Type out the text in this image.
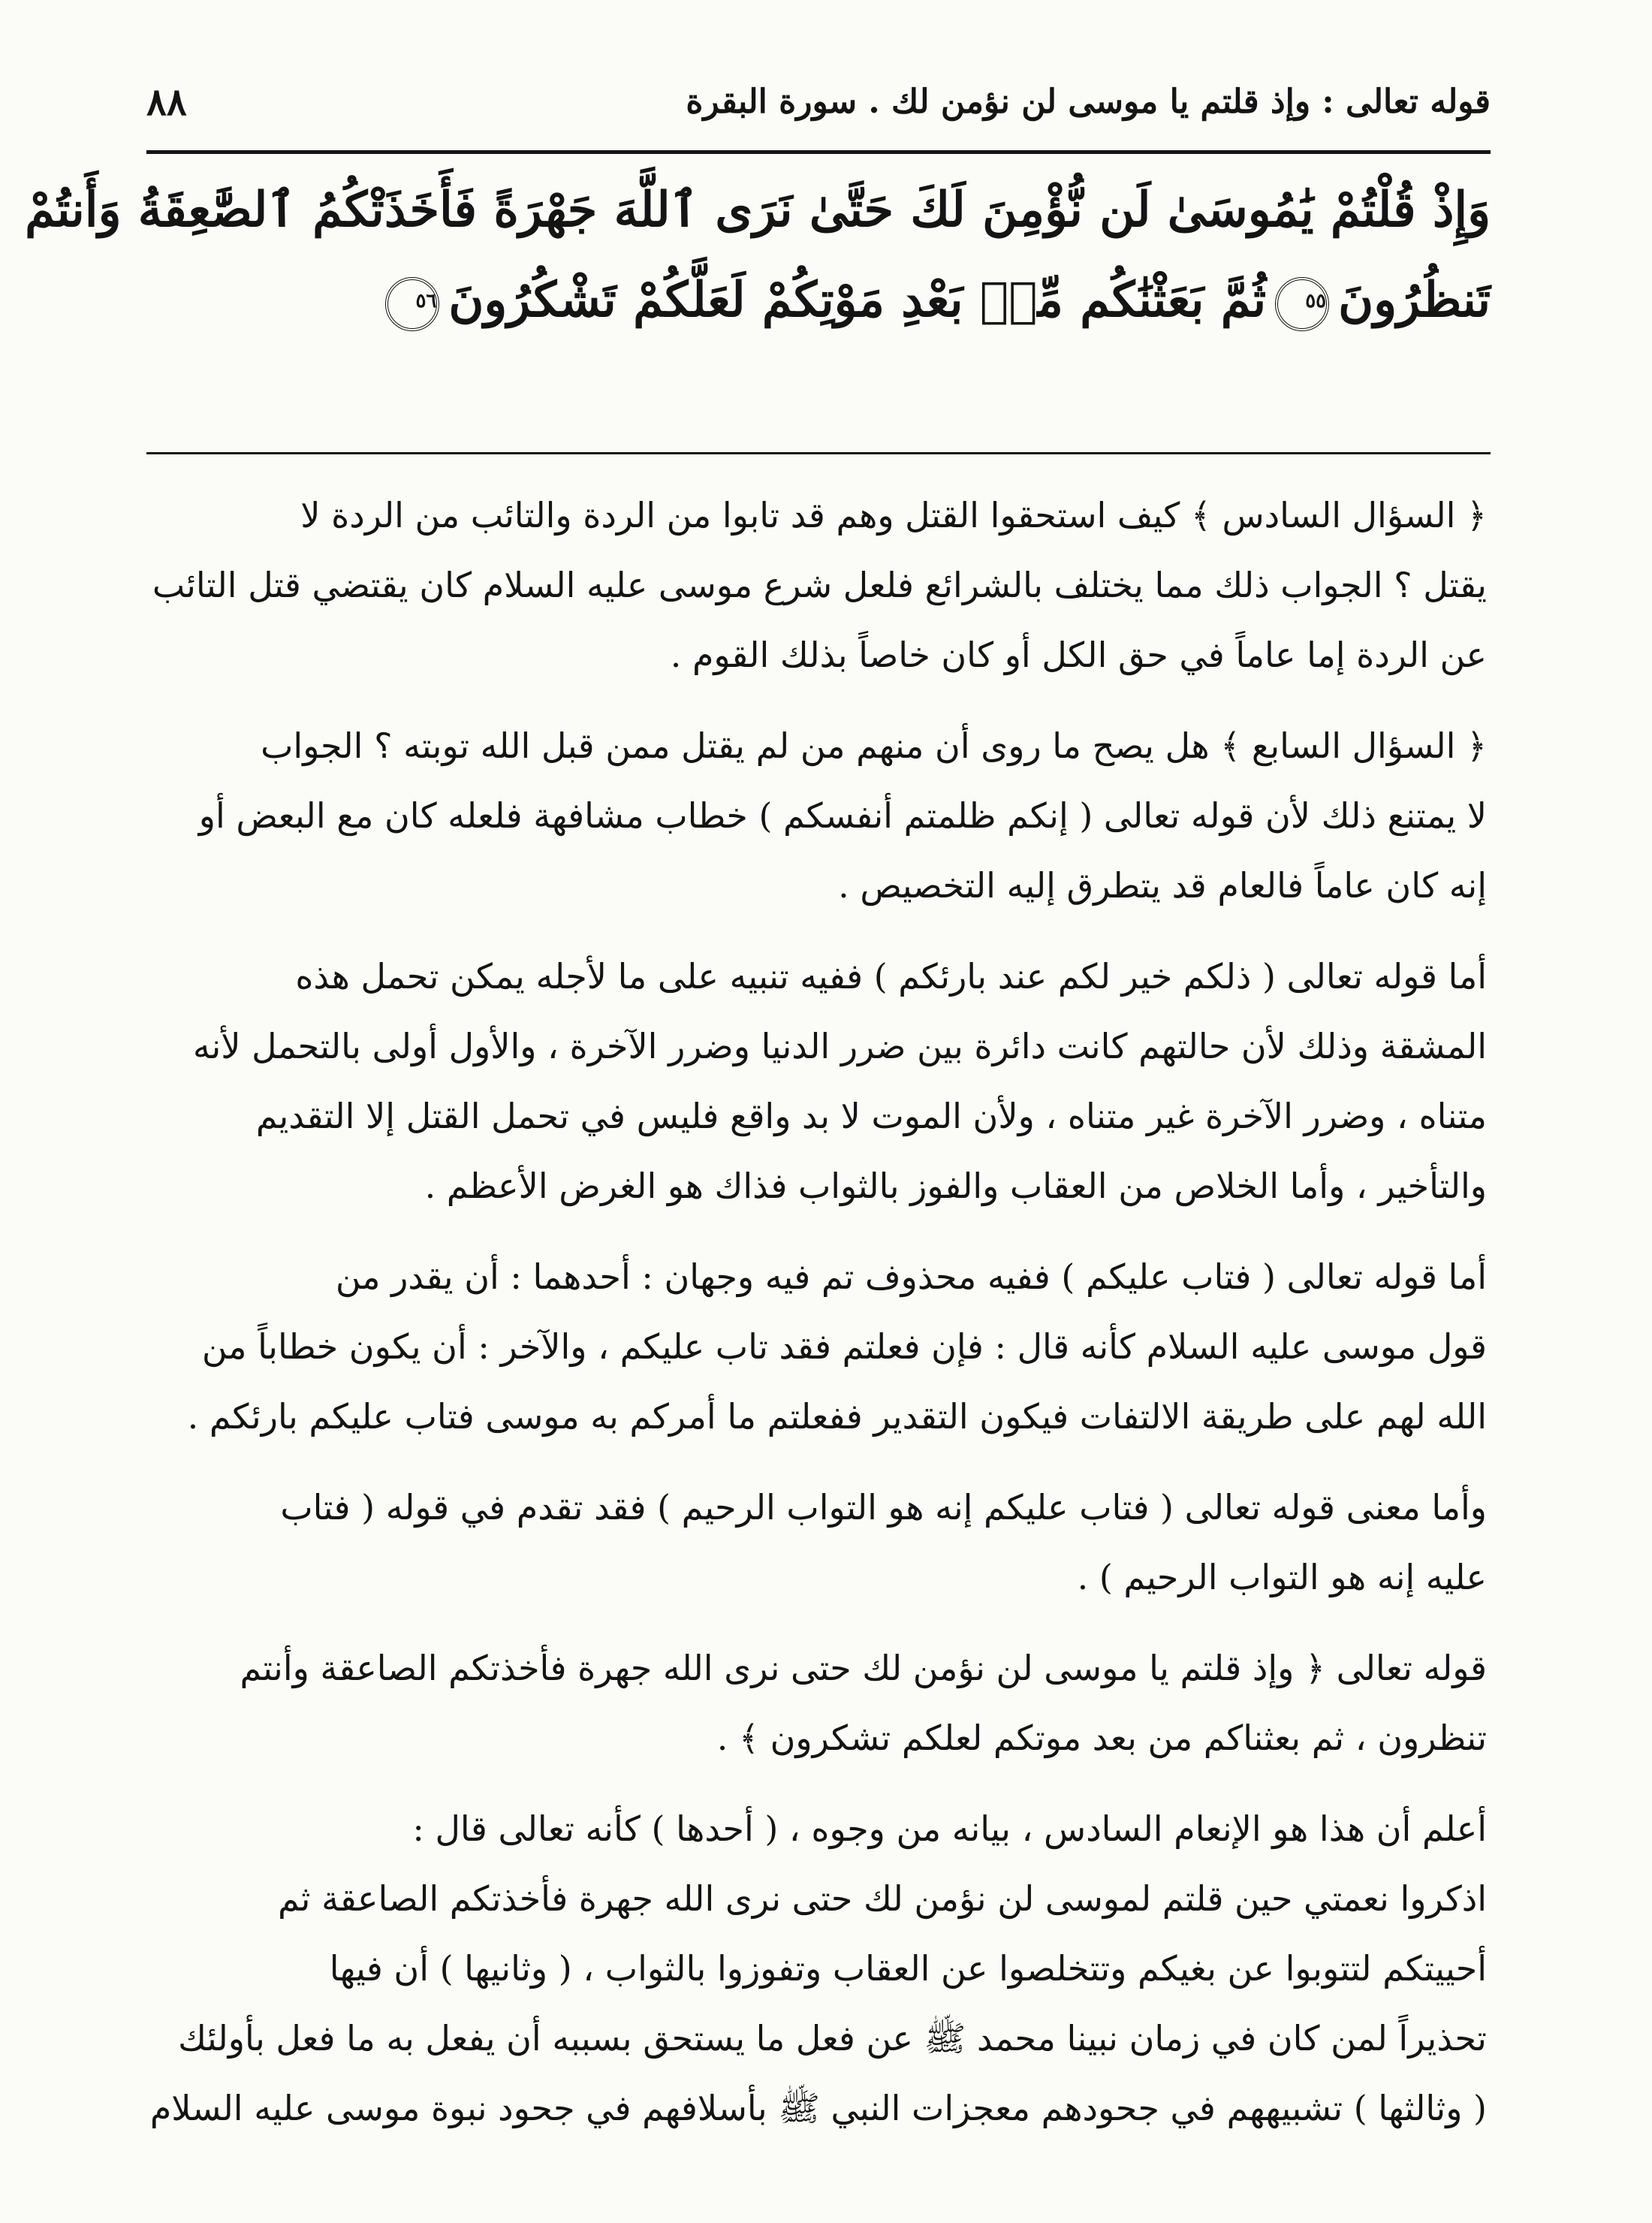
قوله تعالى : وإذ قلتم يا موسى لن نؤمن لك . سورة البقرة
٨٨
وَإِذْ قُلْتُمْ يَٰمُوسَىٰ لَن نُّؤْمِنَ لَكَ حَتَّىٰ نَرَى ٱللَّهَ جَهْرَةً فَأَخَذَتْكُمُ ٱلصَّٰعِقَةُ وَأَنتُمْ
تَنظُرُونَ٥٥ثُمَّ بَعَثْنَٰكُم مِّنۢ بَعْدِ مَوْتِكُمْ لَعَلَّكُمْ تَشْكُرُونَ٥٦

﴿ السؤال السادس ﴾ كيف استحقوا القتل وهم قد تابوا من الردة والتائب من الردة لا
يقتل ؟ الجواب ذلك مما يختلف بالشرائع فلعل شرع موسى عليه السلام كان يقتضي قتل التائب
عن الردة إما عاماً في حق الكل أو كان خاصاً بذلك القوم .

﴿ السؤال السابع ﴾ هل يصح ما روى أن منهم من لم يقتل ممن قبل الله توبته ؟ الجواب
لا يمتنع ذلك لأن قوله تعالى ( إنكم ظلمتم أنفسكم ) خطاب مشافهة فلعله كان مع البعض أو
إنه كان عاماً فالعام قد يتطرق إليه التخصيص .

أما قوله تعالى ( ذلكم خير لكم عند بارئكم ) ففيه تنبيه على ما لأجله يمكن تحمل هذه
المشقة وذلك لأن حالتهم كانت دائرة بين ضرر الدنيا وضرر الآخرة ، والأول أولى بالتحمل لأنه
متناه ، وضرر الآخرة غير متناه ، ولأن الموت لا بد واقع فليس في تحمل القتل إلا التقديم
والتأخير ، وأما الخلاص من العقاب والفوز بالثواب فذاك هو الغرض الأعظم .

أما قوله تعالى ( فتاب عليكم ) ففيه محذوف تم فيه وجهان : أحدهما : أن يقدر من
قول موسى عليه السلام كأنه قال : فإن فعلتم فقد تاب عليكم ، والآخر : أن يكون خطاباً من
الله لهم على طريقة الالتفات فيكون التقدير ففعلتم ما أمركم به موسى فتاب عليكم بارئكم .

وأما معنى قوله تعالى ( فتاب عليكم إنه هو التواب الرحيم ) فقد تقدم في قوله ( فتاب
عليه إنه هو التواب الرحيم ) .

قوله تعالى ﴿ وإذ قلتم يا موسى لن نؤمن لك حتى نرى الله جهرة فأخذتكم الصاعقة وأنتم
تنظرون ، ثم بعثناكم من بعد موتكم لعلكم تشكرون ﴾ .

أعلم أن هذا هو الإنعام السادس ، بيانه من وجوه ، ( أحدها ) كأنه تعالى قال :
اذكروا نعمتي حين قلتم لموسى لن نؤمن لك حتى نرى الله جهرة فأخذتكم الصاعقة ثم
أحييتكم لتتوبوا عن بغيكم وتتخلصوا عن العقاب وتفوزوا بالثواب ، ( وثانيها ) أن فيها
تحذيراً لمن كان في زمان نبينا محمد ﷺ عن فعل ما يستحق بسببه أن يفعل به ما فعل بأولئك
( وثالثها ) تشبيههم في جحودهم معجزات النبي ﷺ بأسلافهم في جحود نبوة موسى عليه السلام
